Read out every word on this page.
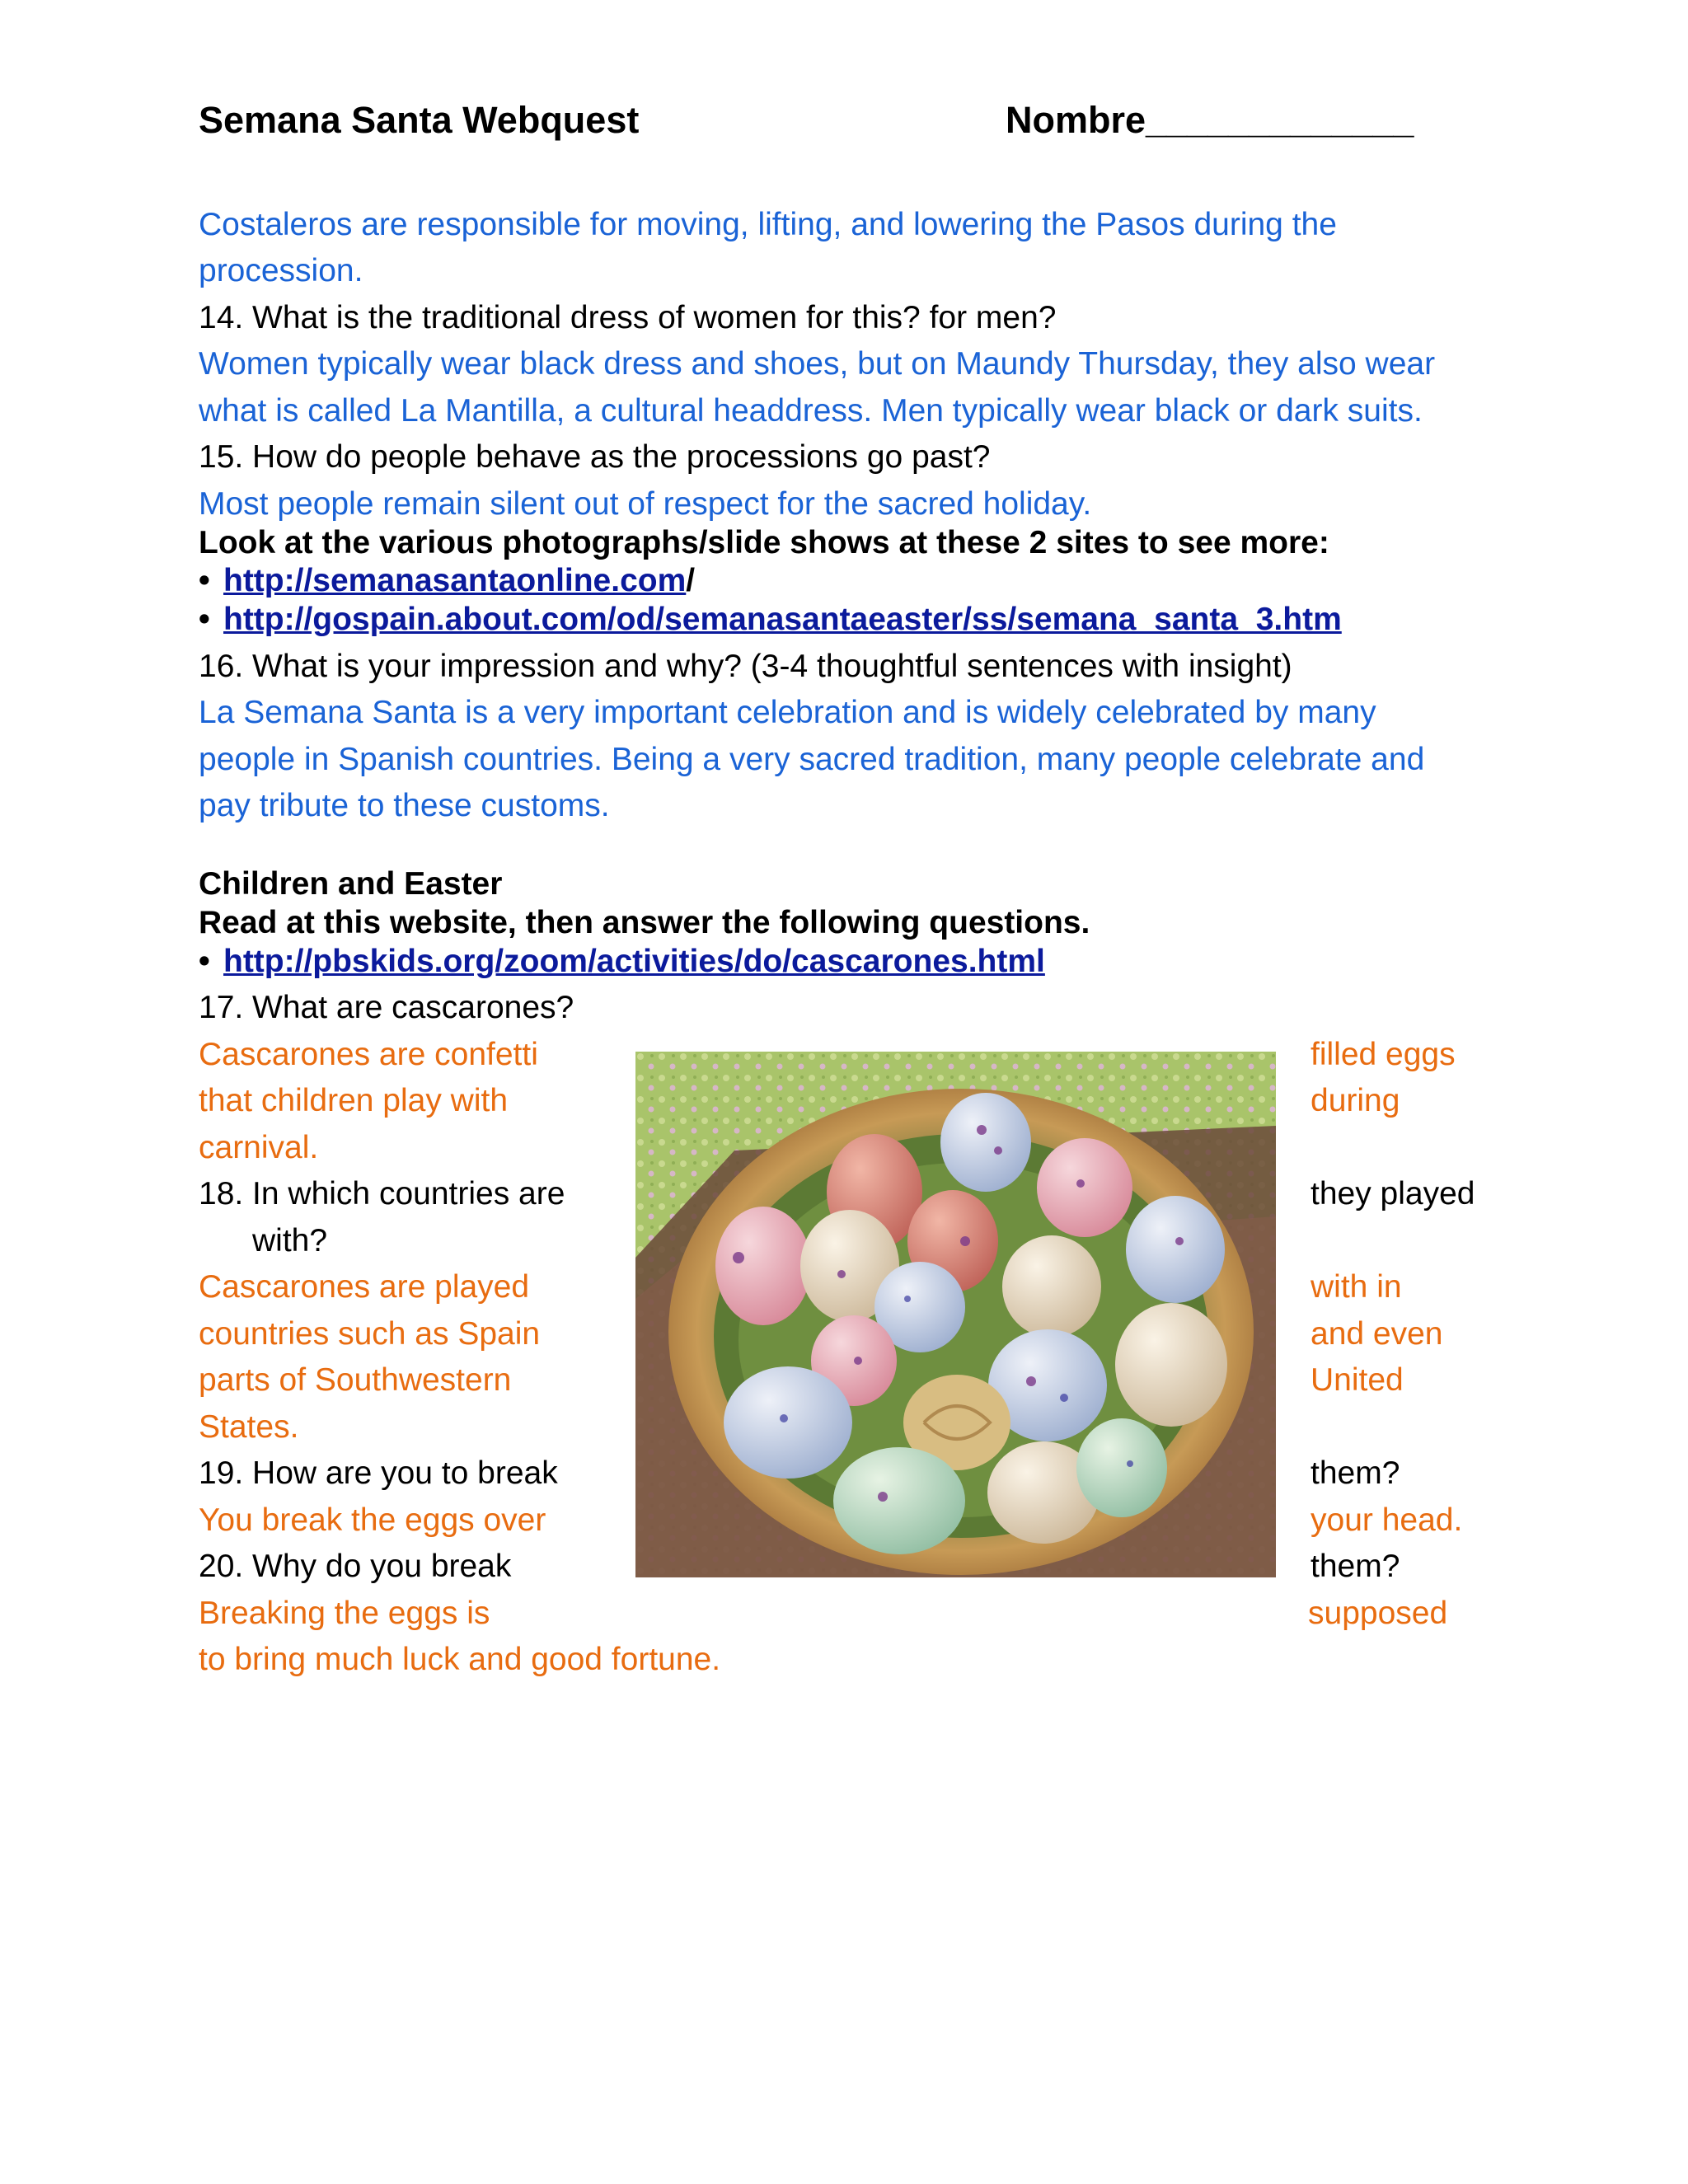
Semana Santa Webquest	Nombre_____________

Costaleros are responsible for moving, lifting, and lowering the Pasos during the

procession.

14. What is the traditional dress of women for this? for men?

Women typically wear black dress and shoes, but on Maundy Thursday, they also wear

what is called La Mantilla, a cultural headdress. Men typically wear black or dark suits.

15. How do people behave as the processions go past?

Most people remain silent out of respect for the sacred holiday.

Look at the various photographs/slide shows at these 2 sites to see more:

• http://semanasantaonline.com/

• http://gospain.about.com/od/semanasantaeaster/ss/semana_santa_3.htm

16. What is your impression and why? (3-4 thoughtful sentences with insight)

La Semana Santa is a very important celebration and is widely celebrated by many

people in Spanish countries. Being a very sacred tradition, many people celebrate and

pay tribute to these customs.

Children and Easter

Read at this website, then answer the following questions.

• http://pbskids.org/zoom/activities/do/cascarones.html

17. What are cascarones?

Cascarones are confetti	filled eggs

that children play with	during

carnival.

18. In which countries are	they played

with?

Cascarones are played	with in

countries such as Spain	and even

parts of Southwestern	United

States.

19. How are you to break	them?

You break the eggs over	your head.

20. Why do you break	them?

Breaking the eggs is	supposed

to bring much luck and good fortune.
